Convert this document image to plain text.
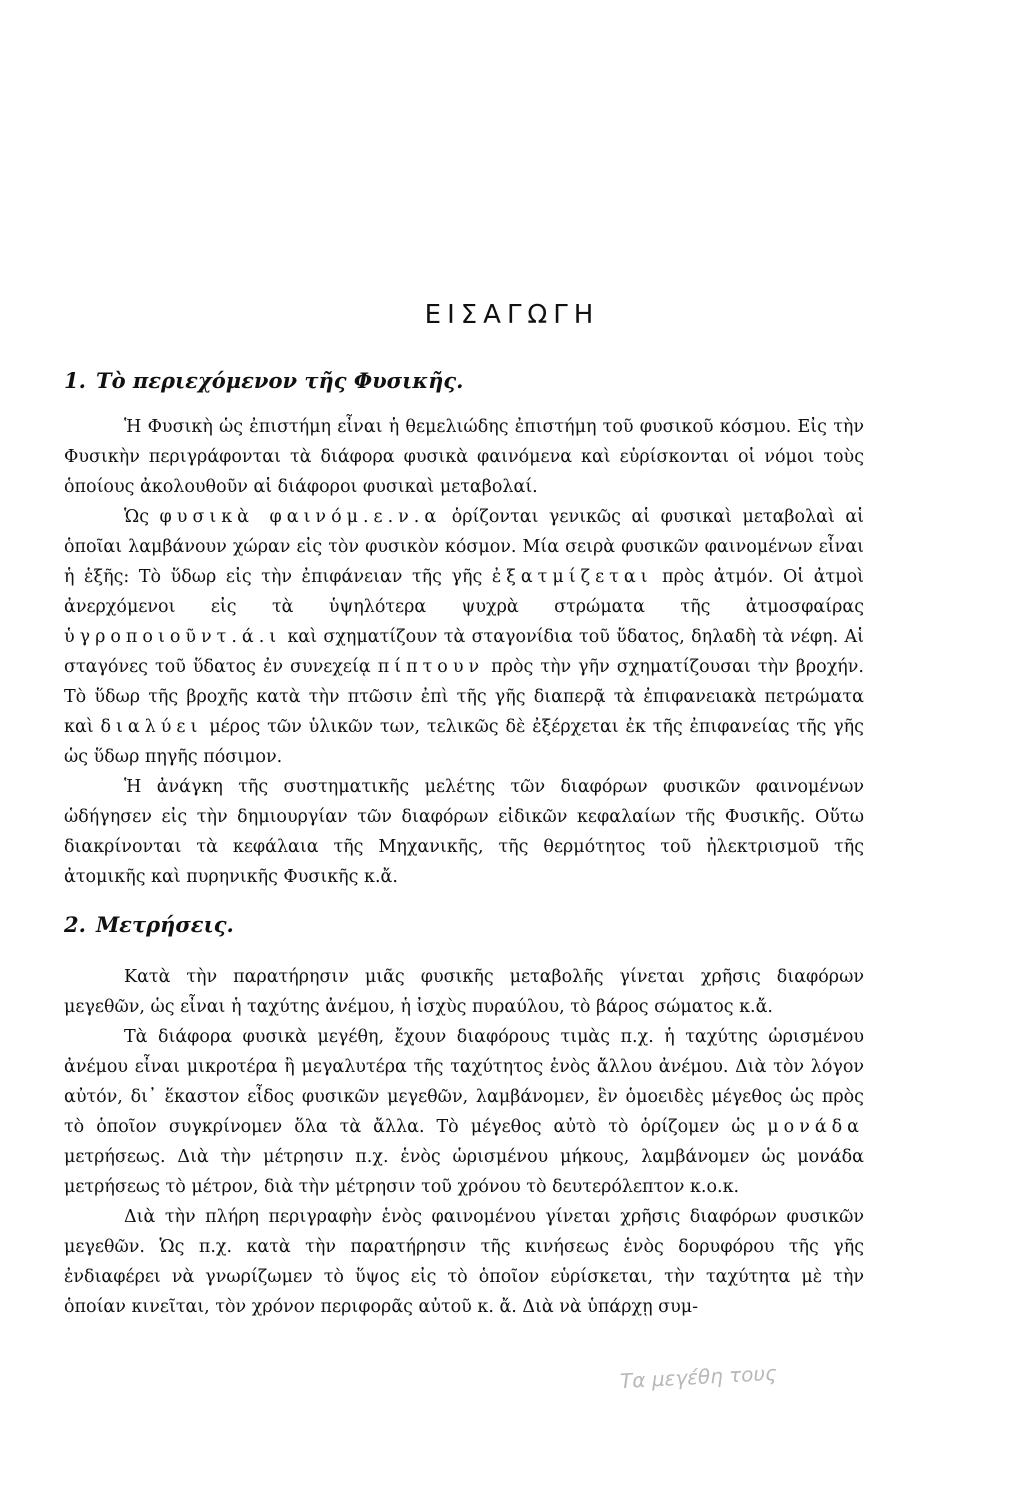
ΕΙΣΑΓΩΓΗ
1. Τὸ περιεχόμενον τῆς Φυσικῆς.

Ἡ Φυσικὴ ὡς ἐπιστήμη εἶναι ἡ θεμελιώδης ἐπιστήμη τοῦ φυσικοῦ κόσμου. Εἰς τὴν Φυσικὴν περιγράφονται τὰ διάφορα φυσικὰ φαινόμενα καὶ εὑρίσκονται οἱ νόμοι τοὺς ὁποίους ἀκολουθοῦν αἱ διάφοροι φυσικαὶ μεταβολαί.

Ὡς φυσικὰ φαινόμ.ε.ν.α ὁρίζονται γενικῶς αἱ φυσικαὶ μεταβολαὶ αἱ ὁποῖαι λαμβάνουν χώραν εἰς τὸν φυσικὸν κόσμον. Μία σειρὰ φυσικῶν φαινομένων εἶναι ἡ ἑξῆς: Τὸ ὕδωρ εἰς τὴν ἐπιφάνειαν τῆς γῆς ἐξατμίζεται πρὸς ἀτμόν. Οἱ ἀτμοὶ ἀνερχόμενοι εἰς τὰ ὑψηλότερα ψυχρὰ στρώματα τῆς ἀτμοσφαίρας ὑγροποιοῦντ.ά.ι καὶ σχηματίζουν τὰ σταγονίδια τοῦ ὕδατος, δηλαδὴ τὰ νέφη. Αἱ σταγόνες τοῦ ὕδατος ἐν συνεχείᾳ πίπτουν πρὸς τὴν γῆν σχηματίζουσαι τὴν βροχήν. Τὸ ὕδωρ τῆς βροχῆς κατὰ τὴν πτῶσιν ἐπὶ τῆς γῆς διαπερᾷ τὰ ἐπιφανειακὰ πετρώματα καὶ διαλύει μέρος τῶν ὑλικῶν των, τελικῶς δὲ ἐξέρχεται ἐκ τῆς ἐπιφανείας τῆς γῆς ὡς ὕδωρ πηγῆς πόσιμον.

Ἡ ἀνάγκη τῆς συστηματικῆς μελέτης τῶν διαφόρων φυσικῶν φαινομένων ὡδήγησεν εἰς τὴν δημιουργίαν τῶν διαφόρων εἰδικῶν κεφαλαίων τῆς Φυσικῆς. Οὕτω διακρίνονται τὰ κεφάλαια τῆς Μηχανικῆς, τῆς θερμότητος τοῦ ἠλεκτρισμοῦ τῆς ἀτομικῆς καὶ πυρηνικῆς Φυσικῆς κ.ἄ.

2. Μετρήσεις.

Κατὰ τὴν παρατήρησιν μιᾶς φυσικῆς μεταβολῆς γίνεται χρῆσις διαφόρων μεγεθῶν, ὡς εἶναι ἡ ταχύτης ἀνέμου, ἡ ἰσχὺς πυραύλου, τὸ βάρος σώματος κ.ἄ.

Τὰ διάφορα φυσικὰ μεγέθη, ἔχουν διαφόρους τιμὰς π.χ. ἡ ταχύτης ὡρισμένου ἀνέμου εἶναι μικροτέρα ἢ μεγαλυτέρα τῆς ταχύτητος ἑνὸς ἄλλου ἀνέμου. Διὰ τὸν λόγον αὐτόν, δι᾽ ἕκαστον εἶδος φυσικῶν μεγεθῶν, λαμβάνομεν, ἓν ὁμοειδὲς μέγεθος ὡς πρὸς τὸ ὁποῖον συγκρίνομεν ὅλα τὰ ἄλλα. Τὸ μέγεθος αὐτὸ τὸ ὁρίζομεν ὡς μονάδα μετρήσεως. Διὰ τὴν μέτρησιν π.χ. ἑνὸς ὡρισμένου μήκους, λαμβάνομεν ὡς μονάδα μετρήσεως τὸ μέτρον, διὰ τὴν μέτρησιν τοῦ χρόνου τὸ δευτερόλεπτον κ.ο.κ.

Διὰ τὴν πλήρη περιγραφὴν ἑνὸς φαινομένου γίνεται χρῆσις διαφόρων φυσικῶν μεγεθῶν. Ὡς π.χ. κατὰ τὴν παρατήρησιν τῆς κινήσεως ἑνὸς δορυφόρου τῆς γῆς ἐνδιαφέρει νὰ γνωρίζωμεν τὸ ὕψος εἰς τὸ ὁποῖον εὑρίσκεται, τὴν ταχύτητα μὲ τὴν ὁποίαν κινεῖται, τὸν χρόνον περιφορᾶς αὐτοῦ κ. ἄ. Διὰ νὰ ὑπάρχῃ συμ-

Τα μεγέθη τους
